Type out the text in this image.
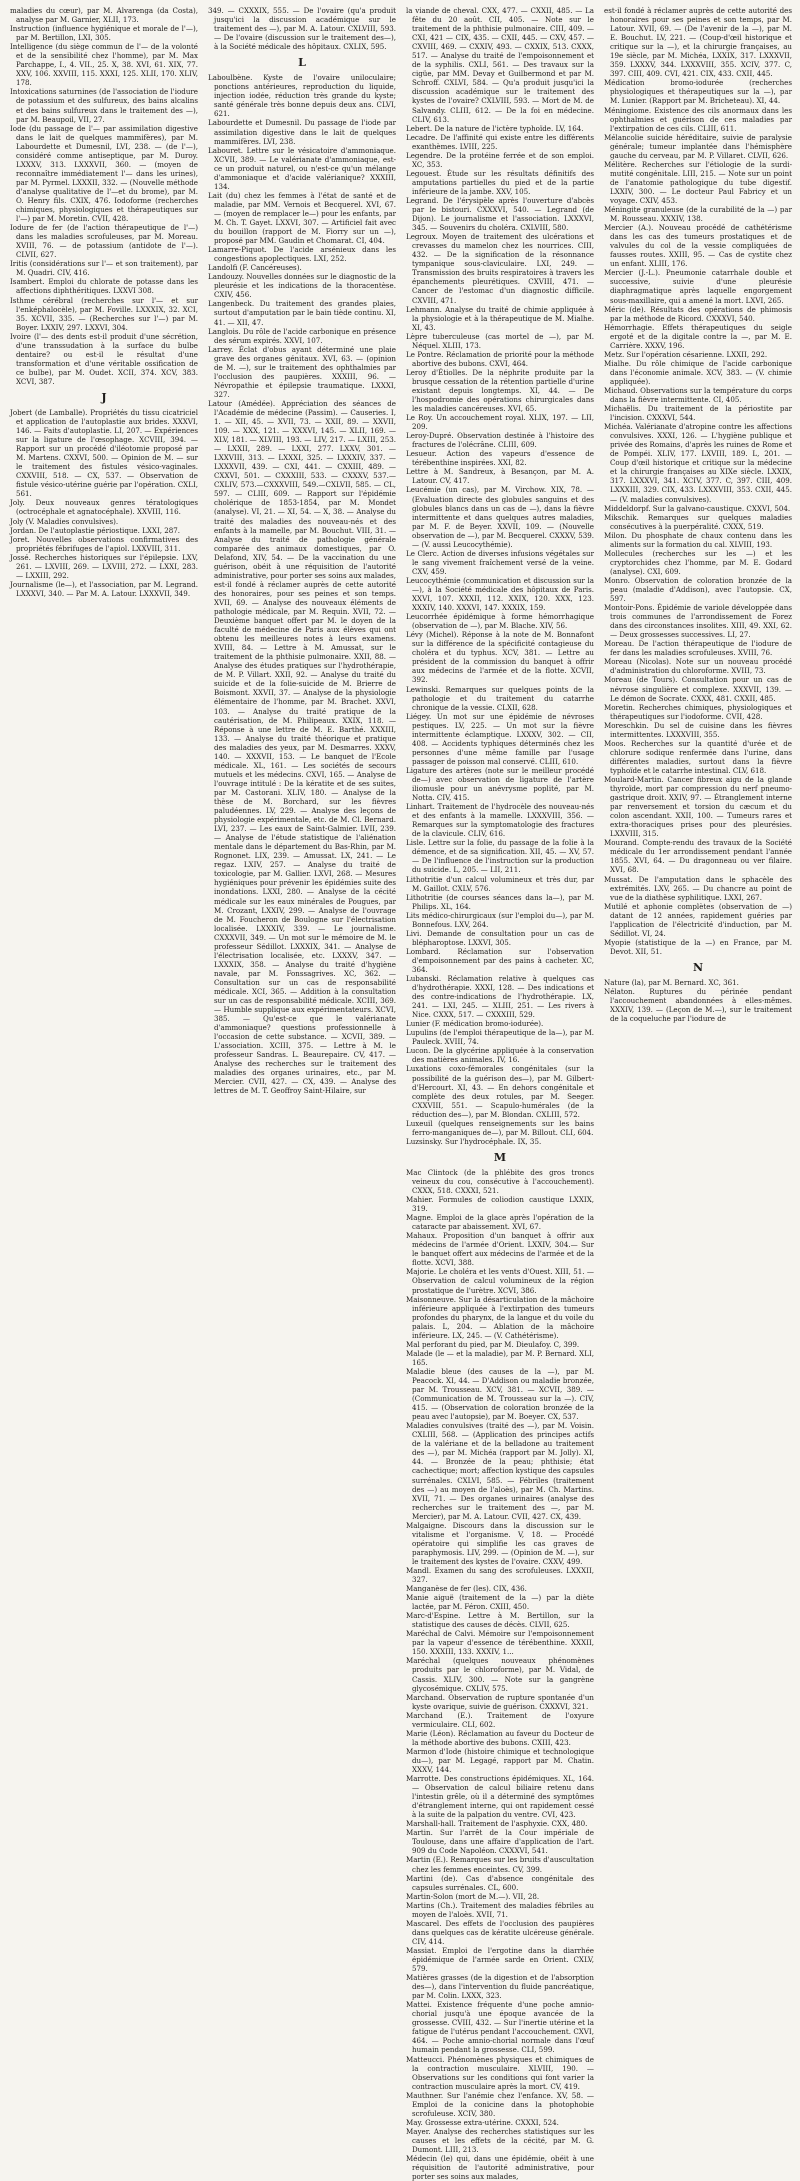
maladies du cœur), par M. Alvarenga (da Costa), analyse par M. Garnier, XLII, 173.

Instruction (influence hygiénique et morale de l'—), par M. Bertillon, LXI, 305.

Intelligence (du siège commun de l'— de la volonté et de la sensibilité chez l'homme), par M. Max Parchappe, I., 4. VII., 25. X, 38. XVI, 61. XIX, 77. XXV, 106. XXVIII, 115. XXXI, 125. XLII, 170. XLIV, 178.

Intoxications saturnines (de l'association de l'iodure de potassium et des sulfureux, des bains alcalins et des bains sulfureux dans le traitement des —), par M. Beaupoil, VII, 27.

Iode (du passage de l'— par assimilation digestive dans le lait de quelques mammifères), par M. Labourdette et Dumesnil, LVI, 238. — (de l'—), considéré comme antiseptique, par M. Duroy. LXXXV, 313. LXXXVII, 360. — (moyen de reconnaître immédiatement l'— dans les urines), par M. Pyrmel. LXXXII, 332. — (Nouvelle méthode d'analyse qualitative de l'—et du brome), par M. O. Henry fils. CXIX, 476. Iodoforme (recherches chimiques, physiologiques et thérapeutiques sur l'—) par M. Moretin. CVII, 428.

Iodure de fer (de l'action thérapeutique de l'—) dans les maladies scrofuleuses, par M. Moreau. XVIII, 76. — de potassium (antidote de l'—). CLVII, 627.

Iritis (considérations sur l'— et son traitement), par M. Quadri. CIV, 416.

Isambert. Emploi du chlorate de potasse dans les affections diphthéritiques. LXXVI 308.

Isthme cérébral (recherches sur l'— et sur l'enképhalocèle), par M. Foville. LXXXIX, 32. XCI, 35. XCVII, 335. — (Recherches sur l'—) par M. Boyer. LXXIV, 297. LXXVI, 304.

Ivoire (l'— des dents est-il produit d'une sécrétion, d'une transsudation à la surface du bulbe dentaire? ou est-il le résultat d'une transformation et d'une véritable ossification de ce bulbe), par M. Oudet. XCII, 374. XCV, 383. XCVI, 387.

J

Jobert (de Lamballe). Propriétés du tissu cicatriciel et application de l'autoplastie aux brides. XXXVI, 146. — Faits d'autoplastie. LI, 207. — Expériences sur la ligature de l'œsophage. XCVIII, 394. — Rapport sur un procédé d'iléotomie proposé par M. Martens. CXXVI, 500. — Opinion de M. — sur le traitement des fistules vésico-vaginales. CXXVIII, 518. — CX, 537. — Observation de fistule vésico-utérine guérie par l'opération. CXLI, 561.

Joly. Deux nouveaux genres tératologiques (octrocéphale et agnatocéphale). XXVIII, 116.

Joly (V. Maladies convulsives).

Jordan. De l'autoplastie périostique. LXXI, 287.

Joret. Nouvelles observations confirmatives des propriétés fébrifuges de l'apiol. LXXVIII, 311.

Jossé. Recherches historiques sur l'épilepsie. LXV, 261. — LXVIII, 269. — LXVIII, 272. — LXXI, 283. — LXXIII, 292.

Journalisme (le—), et l'association, par M. Legrand. LXXXVI, 340. — Par M. A. Latour. LXXXVII, 349.

349. — CXXXIX, 555. — De l'ovaire (qu'a produit jusqu'ici la discussion académique sur le traitement des —), par M. A. Latour. CXLVIII, 593. — De l'ovaire (discussion sur le traitement des—), à la Société médicale des hôpitaux. CXLIX, 595.

L

Laboulbène. Kyste de l'ovaire uniloculaire; ponctions antérieures, reproduction du liquide, injection iodée, réduction très grande du kyste; santé générale très bonne depuis deux ans. CLVI, 621.

Labourdette et Dumesnil. Du passage de l'iode par assimilation digestive dans le lait de quelques mammifères. LVI, 238.

Labouret. Lettre sur le vésicatoire d'ammoniaque. XCVII, 389. — Le valérianate d'ammoniaque, est-ce un produit naturel, ou n'est-ce qu'un mélange d'ammoniaque et d'acide valérianique? XXXIII, 134.

Lait (du) chez les femmes à l'état de santé et de maladie, par MM. Vernois et Becquerel. XVI, 67. — (moyen de remplacer le—) pour les enfants, par M. Ch. T. Gayet. LXXVI, 307. — Artificiel fait avec du bouillon (rapport de M. Fiorry sur un —), proposé par MM. Gaudin et Chomarat. CI, 404.

Lamarre-Piquot. De l'acide arsénieux dans les congestions apoplectiques. LXI, 252.

Landolfi (F. Cancéreuses).

Landouzy. Nouvelles données sur le diagnostic de la pleurésie et les indications de la thoracentèse. CXIV, 456.

Langenbeck. Du traitement des grandes plaies, surtout d'amputation par le bain tiède continu. XI, 41. — XII, 47.

Langlois. Du rôle de l'acide carbonique en présence des sérum expirés. XXVI, 107.

Larrey. Éclat d'obus ayant déterminé une plaie grave des organes génitaux. XVI, 63. — (opinion de M. —), sur le traitement des ophthalmies par l'occlusion des paupières. XXXIII, 96. — Névropathie et épilepsie traumatique. LXXXI, 327.

Latour (Amédée). Appréciation des séances de l'Académie de médecine (Passim). — Causeries. I, 1. — XII, 45. — XVII, 73. — XXII, 89. — XXVII, 109. — XXX, 121. — XXXVI, 145. — XLII, 169. — XLV, 181. — XLVIII, 193. — LIV, 217. — LXIII, 253. — LXXII, 289. — LXXI, 277. LXXV, 301. — LXXVIII, 313. — LXXXI, 325. — LXXXIV, 337. — LXXXVII, 439. — CXI, 441. — CXXIII, 489. — CXXVI, 501. — CXXXIII, 533. — CXXXV, 537.— CXLIV, 573.—CXXXVIII, 549.—CXLVII, 585. — CL, 597. — CLIII, 609. — Rapport sur l'épidémie cholérique de 1853-1854, par M. Mondet (analyse). VI, 21. — XI, 54. — X, 38. — Analyse du traité des maladies des nouveau-nés et des enfants à la mamelle, par M. Bouchut. VIII, 31. — Analyse du traité de pathologie générale comparée des animaux domestiques, par O. Delafond, XIV, 54. — De la vaccination du une guérison, obéit à une réquisition de l'autorité administrative, pour porter ses soins aux malades, est-il fondé à réclamer auprès de cette autorité des honoraires, pour ses peines et son temps. XVII, 69. — Analyse des nouveaux éléments de pathologie médicale, par M. Requin. XVII, 72. — Deuxième banquet offert par M. le doyen de la faculté de médecine de Paris aux élèves qui ont obtenu les meilleures notes à leurs examens. XVIII, 84. — Lettre à M. Amussat, sur le traitement de la phthisie pulmonaire. XXII, 88. — Analyse des études pratiques sur l'hydrothérapie, de M. P. Villart. XXII, 92. — Analyse du traité du suicide et de la folie-suicide de M. Brierre de Boismont. XXVII, 37. — Analyse de la physiologie élémentaire de l'homme, par M. Brachet. XXVI, 103. — Analyse du traité pratique de la cautérisation, de M. Philipeaux. XXIX, 118. — Réponse à une lettre de M. E. Barthé. XXXIII, 133. — Analyse du traité théorique et pratique des maladies des yeux, par M. Desmarres. XXXV, 140. — XXXVII, 153. — Le banquet de l'Ecole médicale. XL, 161. — Les sociétés de secours mutuels et les médecins. CXVI, 165. — Analyse de l'ouvrage intitulé : De la kératite et de ses suites, par M. Castorani. XLIV, 180. — Analyse de la thèse de M. Borchard, sur les fièvres paludéennes. LV, 229. — Analyse des leçons de physiologie expérimentale, etc. de M. Cl. Bernard. LVI, 237. — Les eaux de Saint-Galmier. LVII, 239. — Analyse de l'étude statistique de l'aliénation mentale dans le département du Bas-Rhin, par M. Rognonet. LIX, 239. — Amussat. LX, 241. — Le regaz. LXIV, 257. — Analyse du traité de toxicologie, par M. Gallier. LXVI, 268. — Mesures hygiéniques pour prévenir les épidémies suite des inondations. LXXI, 280. — Analyse de la cécité médicale sur les eaux minérales de Pougues, par M. Crozant, LXXIV, 299. — Analyse de l'ouvrage de M. Foucheron de Boulogne sur l'électrisation localisée. LXXXIV, 339. — Le journalisme. CXXXVII, 349. — Un mot sur le mémoire de M. le professeur Sédillot. LXXXIX, 341. — Analyse de l'électrisation localisée, etc. LXXXV, 347. — LXXXIX, 358. — Analyse du traité d'hygiène navale, par M. Fonssagrives. XC, 362. — Consultation sur un cas de responsabilité médicale. XCI, 365. — Addition à la consultation sur un cas de responsabilité médicale. XCIII, 369. — Humble supplique aux expérimentateurs. XCVI, 385. — Qu'est-ce que le valérianate d'ammoniaque? questions professionnelle à l'occasion de cette substance. — XCVII, 389. — L'association. XCIII, 375. — Lettre à M. le professeur Sandras. L. Beaurepaire. CV, 417. — Analyse des recherches sur le traitement des maladies des organes urinaires, etc., par M. Mercier. CVII, 427. — CX, 439. — Analyse des lettres de M. T. Geoffroy Saint-Hilaire, sur

la viande de cheval. CXX, 477. — CXXII, 485. — La fête du 20 août. CII, 405. — Note sur le traitement de la phthisie pulmonaire. CIII, 409. — CXI, 421 — CIX, 435. — CXII, 445. — CXV, 457. — CXVIII, 469. — CXXIV, 493. — CXXIX, 513. CXXX, 517. — Analyse du traité de l'empoisonnement et de la syphilis. CXLI, 561. — Des travaux sur la cigüe, par MM. Devay et Guilbermond et par M. Schroff. CXLVI, 584. — Qu'a produit jusqu'ici la discussion académique sur le traitement des kystes de l'ovaire? CXLVIII, 593. — Mort de M. de Salvandy. CLIII, 612. — De la foi en médecine. CLIV, 613.

Lebert. De la nature de l'ictère typhoïde. LV, 164.

Lecadre. De l'affinité qui existe entre les différents exanthèmes. LVIII, 225.

Legendre. De la protéine ferrée et de son emploi. XC, 353.

Legouest. Étude sur les résultats définitifs des amputations partielles du pied et de la partie inférieure de la jambe. XXV, 105.

Legrand. De l'érysipèle après l'ouverture d'abcès par le bistouri. CXXXVI, 540. — Legrand (de Dijon). Le journalisme et l'association. LXXXVI, 345. — Souvenirs du choléra. CXLVIII, 580.

Legroux. Moyen de traitement des ulcérations et crevasses du mamelon chez les nourrices. CIII, 432. — De la signification de la résonnance tympanique sous-claviculaire. LXI, 249. — Transmission des bruits respiratoires à travers les épanchements pleurétiques. CXVIII, 471. — Cancer de l'estomac d'un diagnostic difficile. CXVIII, 471.

Lehmann. Analyse du traité de chimie appliquée à la physiologie et à la thérapeutique de M. Mialhe. XI, 43.

Lèpre tuberculeuse (cas mortel de —), par M. Néquel. XLIII, 173.

Le Pontre. Réclamation de priorité pour la méthode abortive des bubons. CXVI, 464.

Leroy d'Étiolles. De la néphrite produite par la brusque cessation de la rétention partielle d'urine existant depuis longtemps. XI, 44. — De l'hospodromie des opérations chirurgicales dans les maladies cancéreuses. XVI, 65.

Le Roy. Un accouchement royal. XLIX, 197. — LII, 209.

Leroy-Dupré. Observation destinée à l'histoire des fractures de l'olécrâne. CLIII, 609.

Lesueur. Action des vapeurs d'essence de térébenthine inspirées. XXI, 82.

Lettre à M. Sandreux, à Besançon, par M. A. Latour. CV, 417.

Leucémie (un cas), par M. Virchow. XIX, 78. — (Evaluation directe des globules sanguins et des globules blancs dans un cas de —), dans la fièvre intermittente et dans quelques autres maladies, par M. F. de Beyer. XXVII, 109. — (Nouvelle observation de —), par M. Becquerel. CXXXV, 539. — (V. aussi Leucocythémie).

Le Clerc. Action de diverses infusions végétales sur le sang vivement fraîchement versé de la veine. CXV, 459.

Leucocythémie (communication et discussion sur la —), à la Société médicale des hôpitaux de Paris. XXVI, 107. XXXII, 112. XXIX, 120. XXX, 123. XXXIV, 140. XXXVI, 147. XXXIX, 159.

Leucorrhée épidémique à forme hémorrhagique (observation de —), par M. Blache. XIV, 56.

Lévy (Michel). Réponse à la note de M. Bonnafont sur la différence de la spécificité contagieuse du choléra et du typhus. XCV, 381. — Lettre au président de la commission du banquet à offrir aux médecins de l'armée et de la flotte. XCVII, 392.

Lewinski. Remarques sur quelques points de la pathologie et du traitement du catarrhe chronique de la vessie. CLXII, 628.

Liégey. Un mot sur une épidémie de névroses pestiques. LV, 225. — Un mot sur la fièvre intermittente éclamptique. LXXXV, 302. — CII, 408. — Accidents typhiques déterminés chez les personnes d'une même famille par l'usage passager de poisson mal conservé. CLIII, 610.

Ligature des artères (note sur le meilleur procédé de—) avec observation de ligature de l'artère iliomusle pour un anévrysme poplité, par M. Notta. CIV, 415.

Linhart. Traitement de l'hydrocèle des nouveau-nés et des enfants à la mamelle. LXXXVIII, 356. — Remarques sur la symptomatologie des fractures de la clavicule. CLIV, 616.

Lisle. Lettre sur la folie, du passage de la folie à la démence, et de sa signification. XII, 45. — XV, 57. — De l'influence de l'instruction sur la production du suicide. L, 205. — LII, 211.

Lithotritie d'un calcul volumineux et très dur, par M. Gaillot. CXLV, 576.

Lithotritie (de courses séances dans la—), par M. Philips. XL, 164.

Lits médico-chirurgicaux (sur l'emploi du—), par M. Bonnefous. LXV, 264.

Livi. Demande de consultation pour un cas de blépharoptose. LXXVI, 305.

Lombard. Réclamation sur l'observation d'empoisonnement par des pains à cacheter. XC, 364.

Lubanski. Réclamation relative à quelques cas d'hydrothérapie. XXXI, 128. — Des indications et des contre-indications de l'hydrothérapie. LX, 241. — LXI, 245. — XLIII, 251. — Les rivers à Nice. CXXX, 517. — CXXXIII, 529.

Lunier (F. médication bromo-iodurée).

Lupulins (de l'emploi thérapeutique de la—), par M. Pauleck. XVIII, 74.

Lucon. De la glycérine appliquée à la conservation des matières animales. IV, 16.

Luxations coxo-fémorales congénitales (sur la possibilité de la guérison des—), par M. Gilbert-d'Hercourt. XI, 43. — En dehors congénitale et complète des deux rotules, par M. Seeger. CXXVIII, 551. — Scapulo-humérales (de la réduction des—), par M. Blondan. CXLIII, 572.

Luxeuil (quelques renseignements sur les bains ferro-manganiques de—), par M. Billout. CLI, 604.

Luzsinsky. Sur l'hydrocéphale. IX, 35.

M

Mac Clintock (de la phlébite des gros troncs veineux du cou, consécutive à l'accouchement). CXXX, 518. CXXXI, 521.

Mahier. Formules de coliodion caustique LXXIX, 319.

Magne. Emploi de la glace après l'opération de la cataracte par abaissement. XVI, 67.

Mahaux. Proposition d'un banquet à offrir aux médecins de l'armée d'Orient. LXXIV, 304.— Sur le banquet offert aux médecins de l'armée et de la flotte. XCVI, 388.

Majorie. Le choléra et les vents d'Ouest. XIII, 51. — Observation de calcul volumineux de la région prostatique de l'urètre. XCVI, 386.

Maisonneuve. Sur la désarticulation de la mâchoire inférieure appliquée à l'extirpation des tumeurs profondes du pharynx, de la langue et du voile du palais. L, 204. — Ablation de la mâchoire inférieure. LX, 245. — (V. Cathétérisme).

Mal perforant du pied, par M. Dieulafoy. C, 399.

Malade (le — et la maladie), par M. P. Bernard. XLI, 165.

Maladie bleue (des causes de la —), par M. Peacock. XI, 44. — D'Addison ou maladie bronzée, par M. Trousseau. XCV, 381. — XCVII, 389. — (Communication de M. Trousseau sur la —). CIV, 415. — (Observation de coloration bronzée de la peau avec l'autopsie), par M. Boeyer. CX, 537.

Maladies convulsives (traité des —), par M. Voisin. CXLIII, 568. — (Application des principes actifs de la valériane et de la belladone au traitement des —), par M. Michéa (rapport par M. Jolly). XI, 44. — Bronzée de la peau; phthisie; état cachectique; mort; affection kystique des capsules surrénales. CXLVI, 585. — Fébriles (traitement des —) au moyen de l'aloès), par M. Ch. Martins. XVII, 71. — Des organes urinaires (analyse des recherches sur le traitement des —, par M. Mercier), par M. A. Latour. CVII, 427. CX, 439.

Malgaigne. Discours dans la discussion sur le vitalisme et l'organisme. V, 18. — Procédé opératoire qui simplifie les cas graves de paraphymosis. LIV, 299. — (Opinion de M. —), sur le traitement des kystes de l'ovaire. CXXV, 499.

Mandl. Examen du sang des scrofuleuses. LXXXII, 327.

Manganèse de fer (les). CIX, 436.

Manie aiguë (traitement de la —) par la diète lactée, par M. Féron. CXIII, 450.

Marc-d'Espine. Lettre à M. Bertillon, sur la statistique des causes de décès. CLVII, 625.

Maréchal de Calvi. Mémoire sur l'empoisonnement par la vapeur d'essence de térébenthine. XXXII, 150. XXXIII, 133. XXXIV, 1...

Maréchal (quelques nouveaux phénomènes produits par le chloroforme), par M. Vidal, de Cassis. XLIV, 300. — Note sur la gangrène glycosémique. CXLIV, 575.

Marchand. Observation de rupture spontanée d'un kyste ovarique, suivie de guérison. CXXXVI, 321.

Marchand (E.). Traitement de l'oxyure vermiculaire. CLI, 602.

Marie (Léon). Réclamation au faveur du Docteur de la méthode abortive des bubons. CXIII, 423.

Marmon d'Iode (histoire chimique et technologique du—), par M. Legagé, rapport par M. Chatin. XXXV, 144.

Marrotte. Des constructions épidémiques. XL, 164. — Observation de calcul biliaire retenu dans l'intestin grêle, où il a déterminé des symptômes d'étranglement interne, qui ont rapidement cessé à la suite de la palpation du ventre. CVI, 423.

Marshall-hall. Traitement de l'asphyxie. CXX, 480.

Martin. Sur l'arrêt de la Cour impériale de Toulouse, dans une affaire d'application de l'art. 909 du Code Napoléon. CXXXVI, 541.

Martin (E.). Remarques sur les bruits d'auscultation chez les femmes enceintes. CV, 399.

Martini (de). Cas d'absence congénitale des capsules surrénales. CL, 600.

Martin-Solon (mort de M.—). VII, 28.

Martins (Ch.). Traitement des maladies fébriles au moyen de l'aloès. XVII, 71.

Mascarel. Des effets de l'occlusion des paupières dans quelques cas de kératite ulcéreuse générale. CIV, 414.

Massiat. Emploi de l'ergotine dans la diarrhée épidémique de l'armée sarde en Orient. CXLV, 579.

Matières grasses (de la digestion et de l'absorption des—), dans l'intervention du fluide pancréatique, par M. Colin. LXXX, 323.

Mattei. Existence fréquente d'une poche amnio-chorial jusqu'à une époque avancée de la grossesse. CVIII, 432. — Sur l'inertie utérine et la fatigue de l'utérus pendant l'accouchement. CXVI, 464. — Poche amnio-chorial normale dans l'œuf humain pendant la grossesse. CLI, 599.

Matteucci. Phénomènes physiques et chimiques de la contraction musculaire. XLVIII, 190. — Observations sur les conditions qui font varier la contraction musculaire après la mort. CV, 419.

Mauthner. Sur l'anémie chez l'enfance. XV, 58. — Emploi de la conicine dans la photophobie scrofuleuse. XCIV, 380.

May. Grossesse extra-utérine. CXXXI, 524.

Mayer. Analyse des recherches statistiques sur les causes et les effets de la cécité, par M. G. Dumont. LIII, 213.

Médecin (le) qui, dans une épidémie, obéit à une réquisition de l'autorité administrative, pour porter ses soins aux malades,

est-il fondé à réclamer auprès de cette autorité des honoraires pour ses peines et son temps, par M. Latour. XVII, 69. — (De l'avenir de la —), par M. E. Bouchut. LV, 221. — (Coup-d'œil historique et critique sur la —), et la chirurgie françaises, au 19e siècle, par M. Michéa, LXXIX, 317. LXXXVII, 359. LXXXV, 344. LXXXVIII, 355. XCIV, 377. C, 397. CIII, 409. CVI, 421. CIX, 433. CXII, 445.

Médication bromo-iodurée (recherches physiologiques et thérapeutiques sur la —), par M. Lunier. (Rapport par M. Bricheteau). XI, 44.

Méningiome. Existence des cils anormaux dans les ophthalmies et guérison de ces maladies par l'extirpation de ces cils. CLIII, 611.

Mélancolie suicide héréditaire, suivie de paralysie générale; tumeur implantée dans l'hémisphère gauche du cerveau, par M. P. Villaret. CLVII, 626.

Mélitère. Recherches sur l'étiologie de la surdi-mutité congénitale. LIII, 215. — Note sur un point de l'anatomie pathologique du tube digestif. LXXIV, 300. — Le docteur Paul Fabricy et un voyage. CXIV, 453.

Méningite granuleuse (de la curabilité de la —) par M. Rousseau. XXXIV, 138.

Mercier (A.). Nouveau procédé de cathétérisme dans les cas des tumeurs prostatiques et de valvules du col de la vessie compliquées de fausses routes. XXIII, 95. — Cas de cystite chez un enfant. XLIII, 176.

Mercier (J.-L.). Pneumonie catarrhale double et successive, suivie d'une pleurésie diaphragmatique après laquelle engorgement sous-maxillaire, qui a amené la mort. LXVI, 265.

Méric (de). Résultats des opérations de phimosis par la méthode de Ricord. CXXXVI, 540.

Hémorrhagie. Effets thérapeutiques du seigle ergoté et de la digitale contre la —, par M. E. Carrière. XXXV, 196.

Metz. Sur l'opération césarienne. LXXII, 292.

Mialhe. Du rôle chimique de l'acide carbonique dans l'économie animale. XCV, 383. — (V. chimie appliquée).

Michaud. Observations sur la température du corps dans la fièvre intermittente. CI, 405.

Michaëlis. Du traitement de la périostite par l'incision. CXXXVI, 544.

Michéa. Valérianate d'atropine contre les affections convulsives. XXXI, 126. — L'hygiène publique et privée des Romains, d'après les ruines de Rome et de Pompéi. XLIV, 177. LXVIII, 189. L, 201. — Coup d'œil historique et critique sur la médecine et la chirurgie françaises au XIXe siècle. LXXIX, 317. LXXXVI, 341. XCIV, 377. C, 397. CIII, 409. LXXXIII, 329. CIX, 433. LXXXVIII, 353. CXII, 445. — (V. maladies convulsives).

Middeldorpf. Sur la galvano-caustique. CXXVI, 504.

Mikschik. Remarques sur quelques maladies consécutives à la puerpéralité. CXXX, 519.

Milon. Du phosphate de chaux contenu dans les aliments sur la formation du cal. XLVIII, 193.

Mollecules (recherches sur les —) et les cryptorchides chez l'homme, par M. E. Godard (analyse). CXI, 609.

Monro. Observation de coloration bronzée de la peau (maladie d'Addison), avec l'autopsie. CX, 597.

Montoir-Pons. Épidémie de variole développée dans trois communes de l'arrondissement de Forez dans des circonstances insolites. XIII, 49. XXI, 62. — Deux grossesses successives. LI, 27.

Moreau. De l'action thérapeutique de l'iodure de fer dans les maladies scrofuleuses. XVIII, 76.

Moreau (Nicolas). Note sur un nouveau procédé d'administration du chloroforme. XVIII, 73.

Moreau (de Tours). Consultation pour un cas de névrose singulière et complexe. XXXVII, 139. — Le démon de Socrate. CXXX, 481. CXXII, 485.

Moretin. Recherches chimiques, physiologiques et thérapeutiques sur l'iodoforme. CVII, 428.

Moreschkin. Du sel de cuisine dans les fièvres intermittentes. LXXXVIII, 355.

Moos. Recherches sur la quantité d'urée et de chlorure sodique renfermée dans l'urine, dans différentes maladies, surtout dans la fièvre typhoïde et le catarrhe intestinal. CLV, 618.

Moulard-Martin. Cancer fibreux aigu de la glande thyroïde, mort par compression du nerf pneumo-gastrique droit. XXIV, 97. — Étranglement interne par renversement et torsion du cæcum et du colon ascendant. XXII, 100. — Tumeurs rares et extra-thoraciques prises pour des pleurésies. LXXVIII, 315.

Mourand. Compte-rendu des travaux de la Société médicale du 1er arrondissement pendant l'année 1855. XVI, 64. — Du dragonneau ou ver filaire. XVI, 68.

Mussat. De l'amputation dans le sphacèle des extrémités. LXV, 265. — Du chancre au point de vue de la diathèse syphilitique. LXXI, 267.

Mutilé et aphonie complètes (observation de —) datant de 12 années, rapidement guéries par l'application de l'électricité d'induction, par M. Sédillot. VI, 24.

Myopie (statistique de la —) en France, par M. Devot. XII, 51.

N

Nature (la), par M. Bernard. XC, 361.

Nélaton. Ruptures du périnée pendant l'accouchement abandonnées à elles-mêmes. XXXIV, 139. — (Leçon de M.—), sur le traitement de la coqueluche par l'iodure de
